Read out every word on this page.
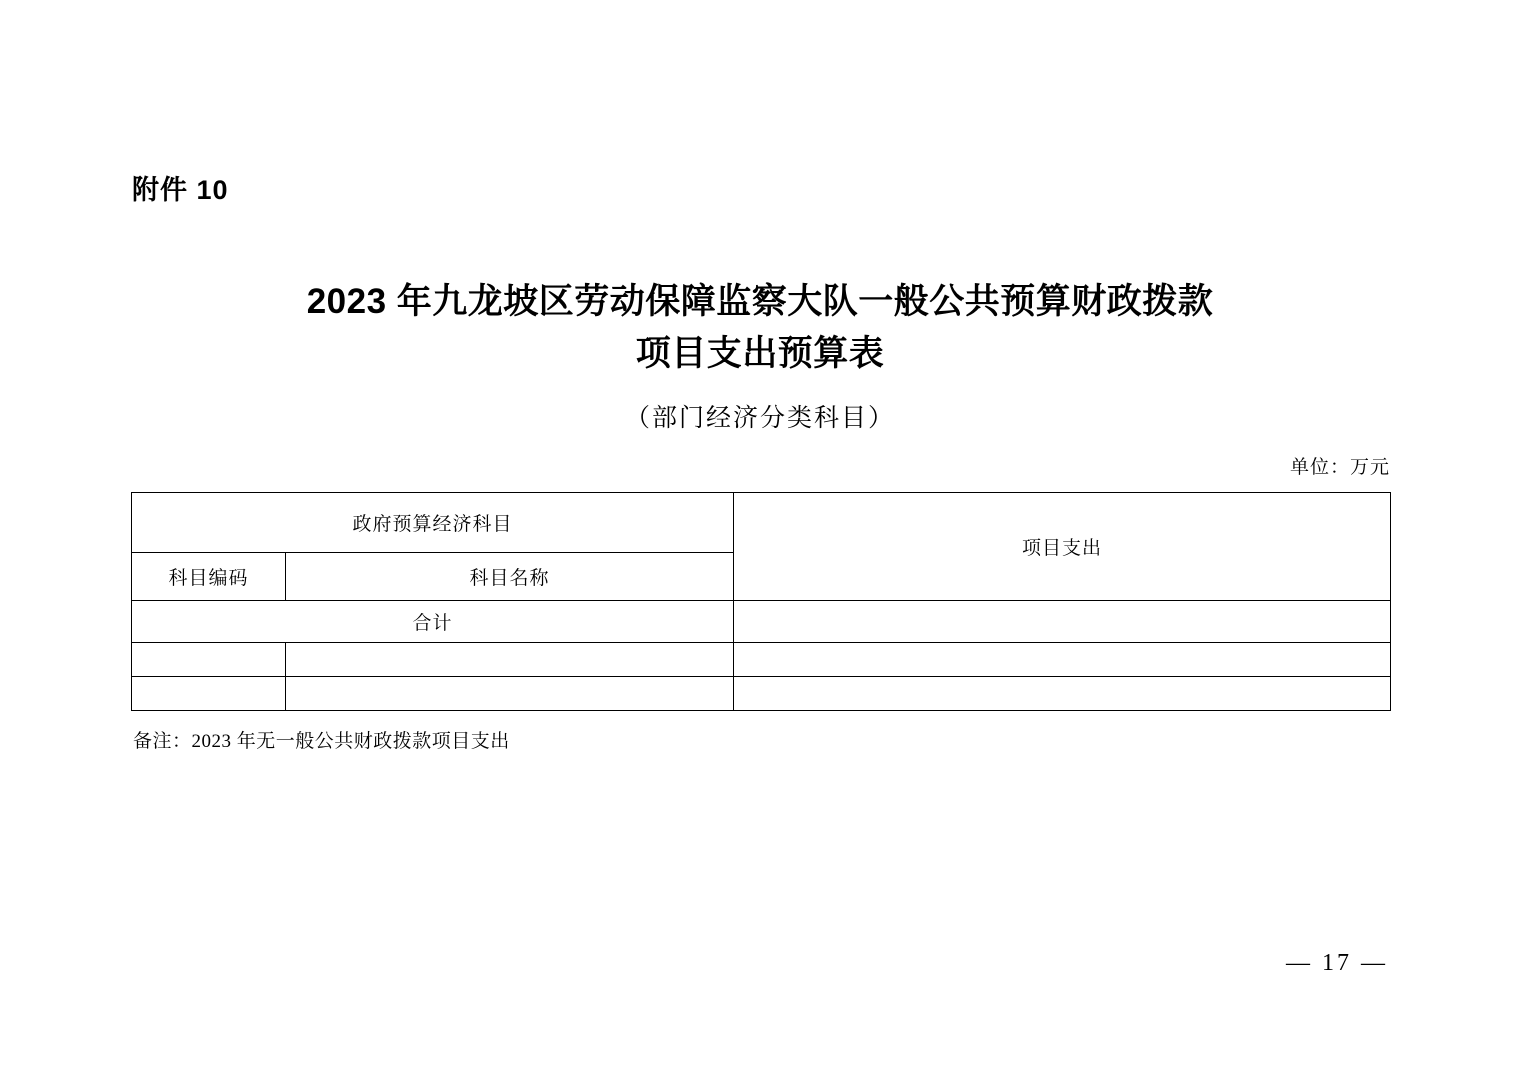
附件 10
2023 年九龙坡区劳动保障监察大队一般公共预算财政拨款
项目支出预算表
（部门经济分类科目）
单位：万元
政府预算经济科目		项目支出
科目编码	科目名称	
合计		

备注：2023 年无一般公共财政拨款项目支出
— 17 —
